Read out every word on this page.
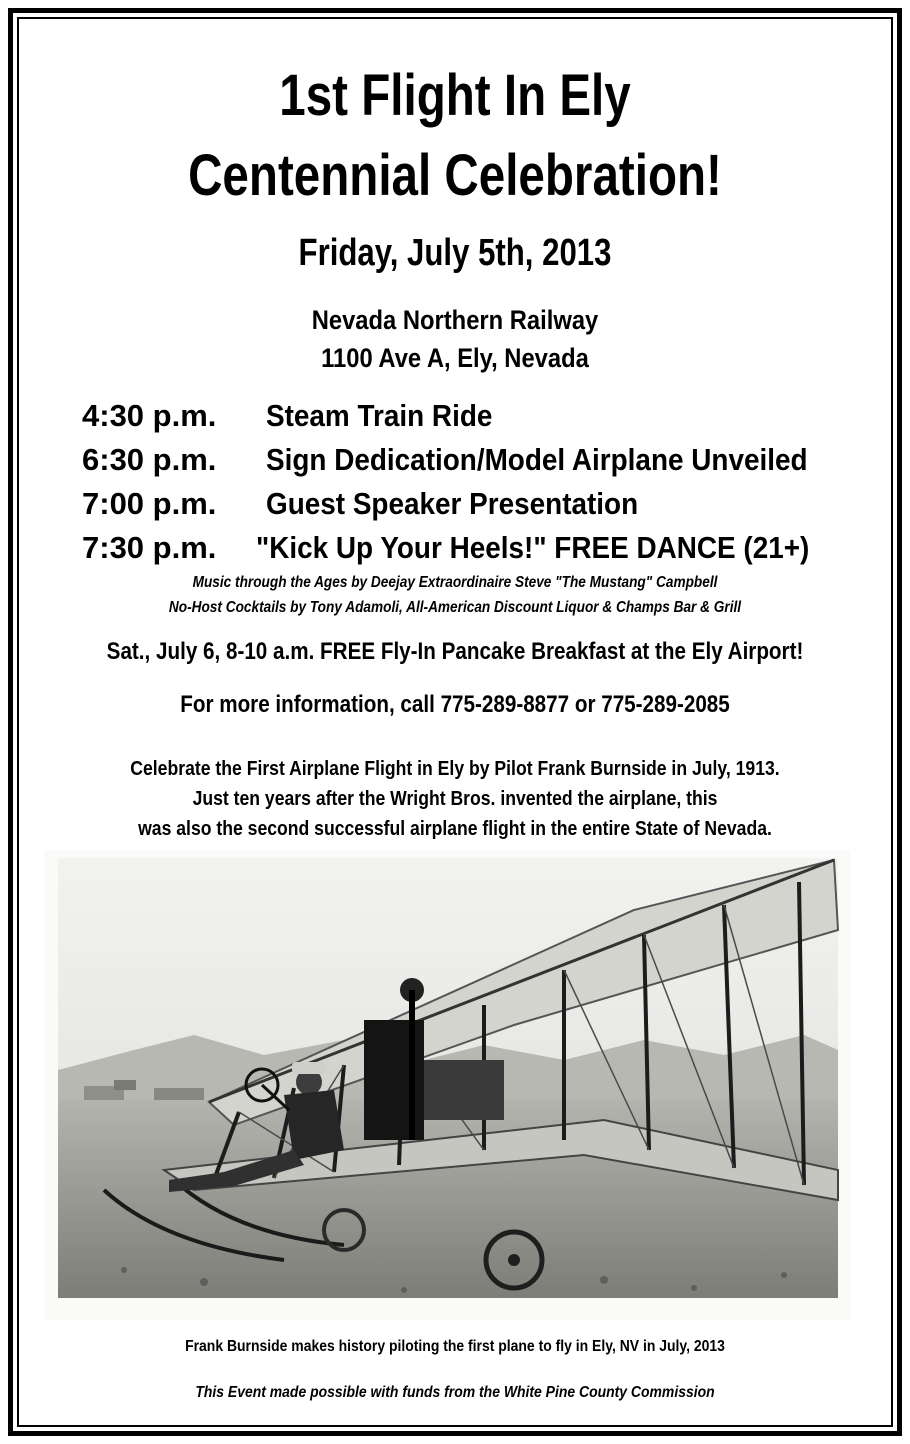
1st Flight In Ely
Centennial Celebration!
Friday, July 5th, 2013
Nevada Northern Railway
1100 Ave A, Ely, Nevada
4:30 p.m. Steam Train Ride
6:30 p.m. Sign Dedication/Model Airplane Unveiled
7:00 p.m. Guest Speaker Presentation
7:30 p.m. "Kick Up Your Heels!" FREE DANCE (21+)
Music through the Ages by Deejay Extraordinaire Steve "The Mustang" Campbell
No-Host Cocktails by Tony Adamoli, All-American Discount Liquor & Champs Bar & Grill
Sat., July 6, 8-10 a.m. FREE Fly-In Pancake Breakfast at the Ely Airport!
For more information, call 775-289-8877 or 775-289-2085
Celebrate the First Airplane Flight in Ely by Pilot Frank Burnside in July, 1913.
Just ten years after the Wright Bros. invented the airplane, this
was also the second successful airplane flight in the entire State of Nevada.
Frank Burnside makes history piloting the first plane to fly in Ely, NV in July, 2013
This Event made possible with funds from the White Pine County Commission
